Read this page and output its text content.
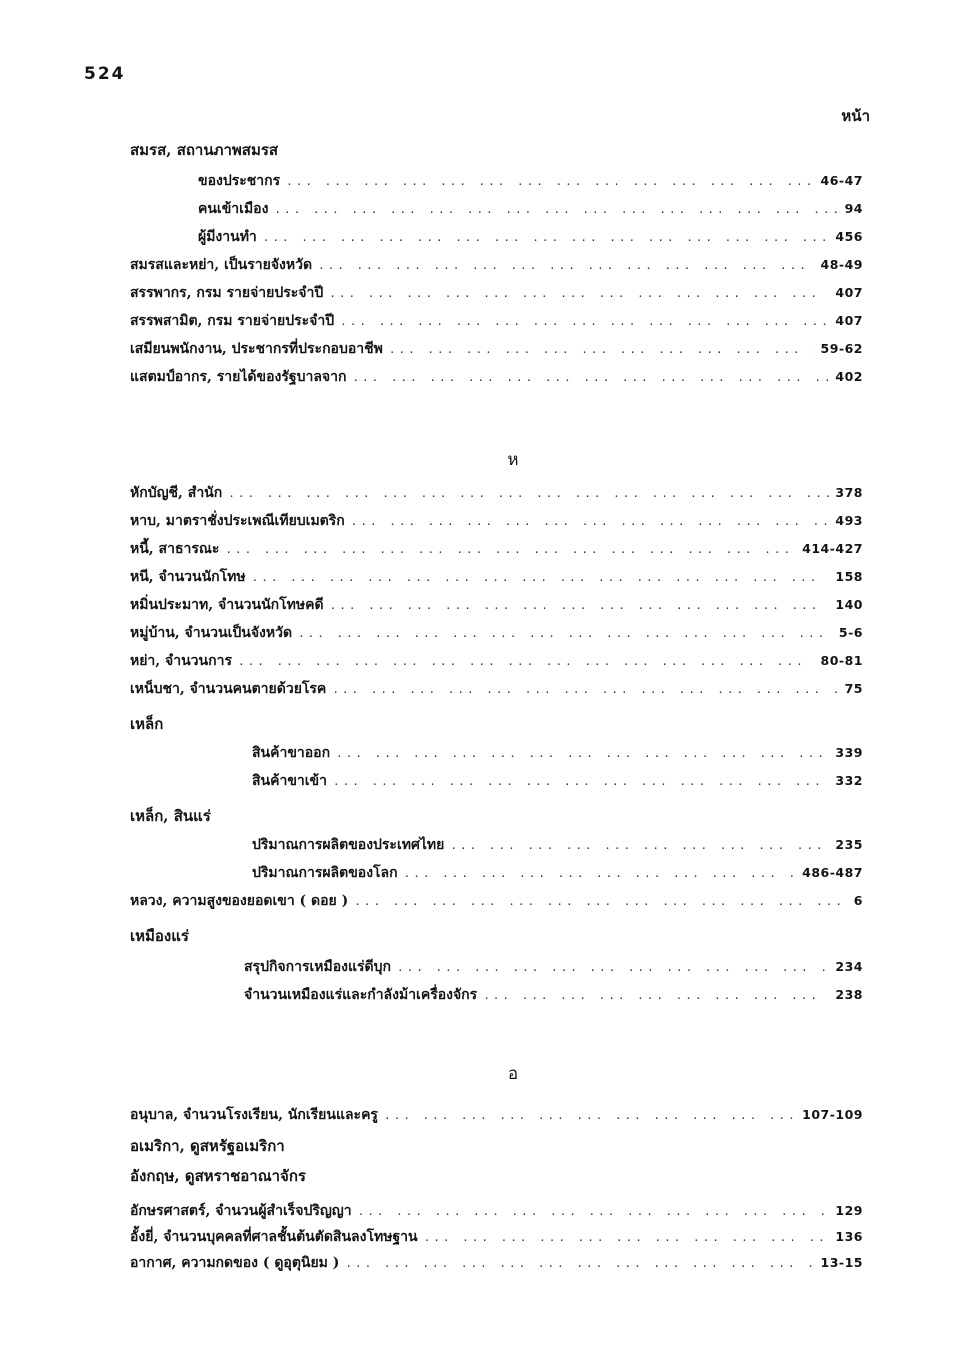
524
หน้า
สมรส, สถานภาพสมรส
ของประชากร ... .	46-47
คนเข้าเมือง ... .	94
ผู้มีงานทำ ... .	456
สมรสและหย่า, เป็นรายจังหวัด ... .	48-49
สรรพากร, กรม รายจ่ายประจำปี ... .	407
สรรพสามิต, กรม รายจ่ายประจำปี ... .	407
เสมียนพนักงาน, ประชากรที่ประกอบอาชีพ ... .	59-62
แสตมป์อากร, รายได้ของรัฐบาลจาก ... .	402
ห
หักบัญชี, สำนัก ... .	378
หาบ, มาตราชั่งประเพณีเทียบเมตริก ... .	493
หนี้, สาธารณะ ... .	414-427
หนี, จำนวนนักโทษ ... .	158
หมิ่นประมาท, จำนวนนักโทษคดี ... .	140
หมู่บ้าน, จำนวนเป็นจังหวัด ... .	5-6
หย่า, จำนวนการ ... .	80-81
เหน็บชา, จำนวนคนตายด้วยโรค ... .	75
เหล็ก
สินค้าขาออก ... .	339
สินค้าขาเข้า ... .	332
เหล็ก, สินแร่
ปริมาณการผลิตของประเทศไทย ... .	235
ปริมาณการผลิตของโลก ... .	486-487
หลวง, ความสูงของยอดเขา ( ดอย ) ... .	6
เหมืองแร่
สรุปกิจการเหมืองแร่ดีบุก ... .	234
จำนวนเหมืองแร่และกำลังม้าเครื่องจักร ... .	238
อ
อนุบาล, จำนวนโรงเรียน, นักเรียนและครู ... .	107-109
อเมริกา, ดูสหรัฐอเมริกา
อังกฤษ, ดูสหราชอาณาจักร
อักษรศาสตร์, จำนวนผู้สำเร็จปริญญา ... .	129
อั้งยี่, จำนวนบุคคลที่ศาลชั้นต้นตัดสินลงโทษฐาน ... .	136
อากาศ, ความกดของ ( ดูอุตุนิยม ) ... .	13-15
